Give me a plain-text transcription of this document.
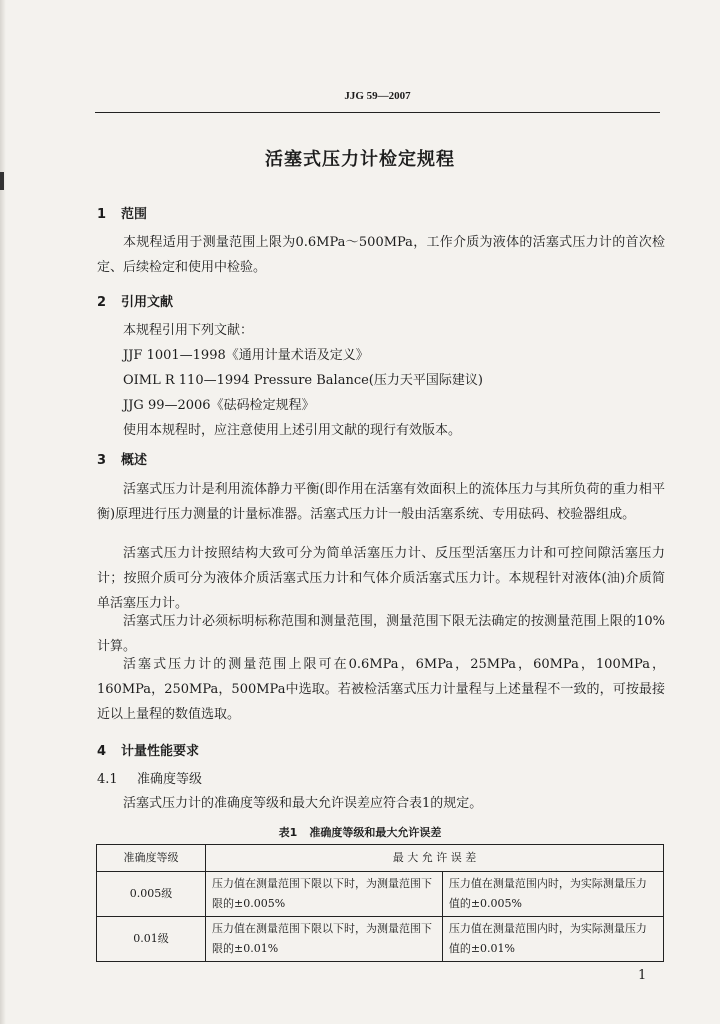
JJG 59—2007
活塞式压力计检定规程
1 范围
本规程适用于测量范围上限为0.6MPa～500MPa，工作介质为液体的活塞式压力计的首次检定、后续检定和使用中检验。
2 引用文献
本规程引用下列文献：
JJF 1001—1998《通用计量术语及定义》
OIML R 110—1994 Pressure Balance(压力天平国际建议)
JJG 99—2006《砝码检定规程》
使用本规程时，应注意使用上述引用文献的现行有效版本。
3 概述
活塞式压力计是利用流体静力平衡(即作用在活塞有效面积上的流体压力与其所负荷的重力相平衡)原理进行压力测量的计量标准器。活塞式压力计一般由活塞系统、专用砝码、校验器组成。
活塞式压力计按照结构大致可分为简单活塞压力计、反压型活塞压力计和可控间隙活塞压力计；按照介质可分为液体介质活塞式压力计和气体介质活塞式压力计。本规程针对液体(油)介质简单活塞压力计。
活塞式压力计必须标明标称范围和测量范围，测量范围下限无法确定的按测量范围上限的10%计算。
活塞式压力计的测量范围上限可在0.6MPa，6MPa，25MPa，60MPa，100MPa，160MPa，250MPa，500MPa中选取。若被检活塞式压力计量程与上述量程不一致的，可按最接近以上量程的数值选取。
4 计量性能要求
4.1 准确度等级
活塞式压力计的准确度等级和最大允许误差应符合表1的规定。
表1 准确度等级和最大允许误差
准确度等级	最 大 允 许 误 差	
0.005级	压力值在测量范围下限以下时，为测量范围下限的±0.005%	压力值在测量范围内时，为实际测量压力值的±0.005%
0.01级	压力值在测量范围下限以下时，为测量范围下限的±0.01%	压力值在测量范围内时，为实际测量压力值的±0.01%
1
